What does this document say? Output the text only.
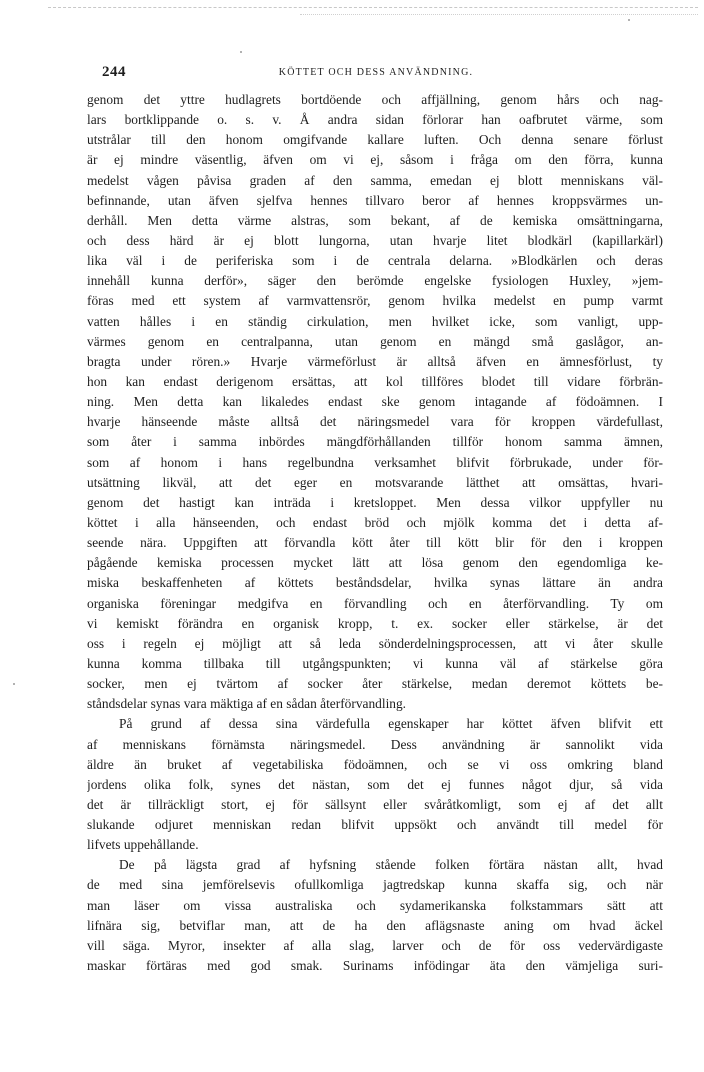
244	KÖTTET OCH DESS ANVÄNDNING.
genom det yttre hudlagrets bortdöende och affjällning, genom hårs och nag-
lars bortklippande o. s. v. Å andra sidan förlorar han oafbrutet värme, som
utstrålar till den honom omgifvande kallare luften. Och denna senare förlust
är ej mindre väsentlig, äfven om vi ej, såsom i fråga om den förra, kunna
medelst vågen påvisa graden af den samma, emedan ej blott menniskans väl-
befinnande, utan äfven sjelfva hennes tillvaro beror af hennes kroppsvärmes un-
derhåll. Men detta värme alstras, som bekant, af de kemiska omsättningarna,
och dess härd är ej blott lungorna, utan hvarje litet blodkärl (kapillarkärl)
lika väl i de periferiska som i de centrala delarna. »Blodkärlen och deras
innehåll kunna derför», säger den berömde engelske fysiologen Huxley, »jem-
föras med ett system af varmvattensrör, genom hvilka medelst en pump varmt
vatten hålles i en ständig cirkulation, men hvilket icke, som vanligt, upp-
värmes genom en centralpanna, utan genom en mängd små gaslågor, an-
bragta under rören.» Hvarje värmeförlust är alltså äfven en ämnesförlust, ty
hon kan endast derigenom ersättas, att kol tillföres blodet till vidare förbrän-
ning. Men detta kan likaledes endast ske genom intagande af födoämnen. I
hvarje hänseende måste alltså det näringsmedel vara för kroppen värdefullast,
som åter i samma inbördes mängdförhållanden tillför honom samma ämnen,
som af honom i hans regelbundna verksamhet blifvit förbrukade, under för-
utsättning likväl, att det eger en motsvarande lätthet att omsättas, hvari-
genom det hastigt kan inträda i kretsloppet. Men dessa vilkor uppfyller nu
köttet i alla hänseenden, och endast bröd och mjölk komma det i detta af-
seende nära. Uppgiften att förvandla kött åter till kött blir för den i kroppen
pågående kemiska processen mycket lätt att lösa genom den egendomliga ke-
miska beskaffenheten af köttets beståndsdelar, hvilka synas lättare än andra
organiska föreningar medgifva en förvandling och en återförvandling. Ty om
vi kemiskt förändra en organisk kropp, t. ex. socker eller stärkelse, är det
oss i regeln ej möjligt att så leda sönderdelningsprocessen, att vi åter skulle
kunna komma tillbaka till utgångspunkten; vi kunna väl af stärkelse göra
socker, men ej tvärtom af socker åter stärkelse, medan deremot köttets be-
ståndsdelar synas vara mäktiga af en sådan återförvandling.
På grund af dessa sina värdefulla egenskaper har köttet äfven blifvit ett
af menniskans förnämsta näringsmedel. Dess användning är sannolikt vida
äldre än bruket af vegetabiliska födoämnen, och se vi oss omkring bland
jordens olika folk, synes det nästan, som det ej funnes något djur, så vida
det är tillräckligt stort, ej för sällsynt eller svåråtkomligt, som ej af det allt
slukande odjuret menniskan redan blifvit uppsökt och användt till medel för
lifvets uppehållande.
De på lägsta grad af hyfsning stående folken förtära nästan allt, hvad
de med sina jemförelsevis ofullkomliga jagtredskap kunna skaffa sig, och när
man läser om vissa australiska och sydamerikanska folkstammars sätt att
lifnära sig, betviflar man, att de ha den aflägsnaste aning om hvad äckel
vill säga. Myror, insekter af alla slag, larver och de för oss vedervärdigaste
maskar förtäras med god smak. Surinams infödingar äta den vämjeliga suri-
